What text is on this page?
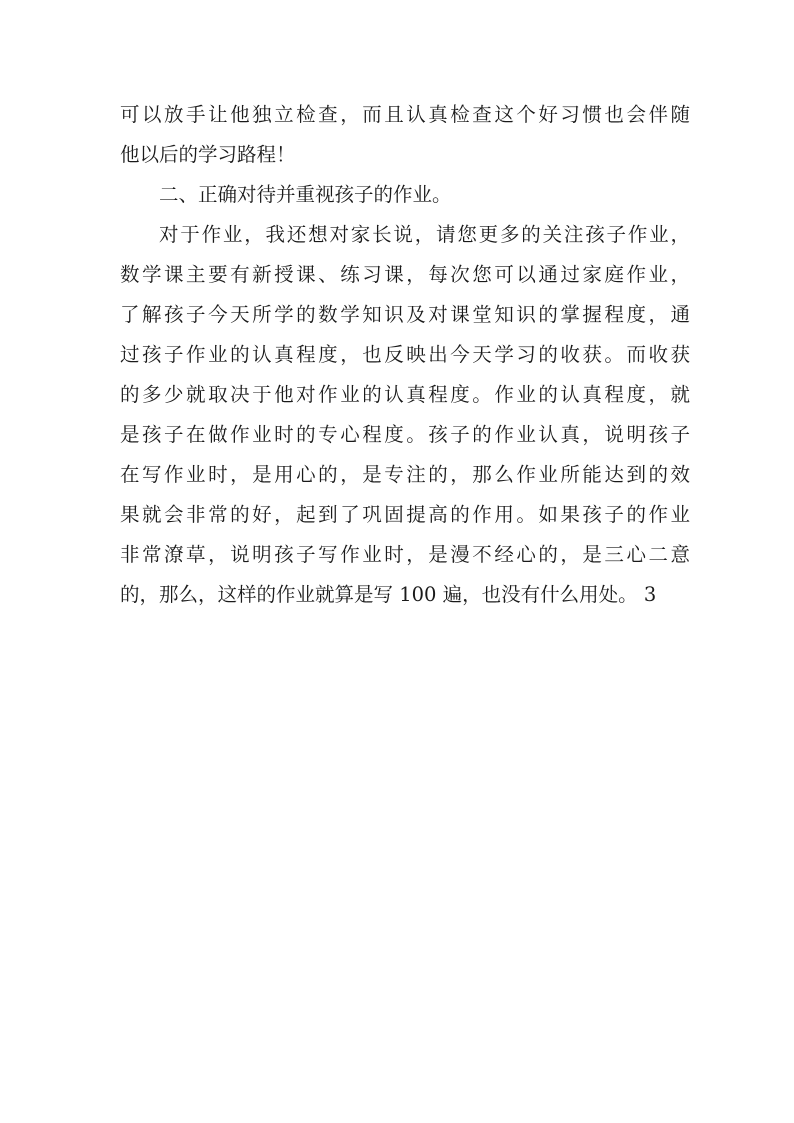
可以放手让他独立检查，而且认真检查这个好习惯也会伴随
他以后的学习路程！
二、正确对待并重视孩子的作业。
对于作业，我还想对家长说，请您更多的关注孩子作业，
数学课主要有新授课、练习课，每次您可以通过家庭作业，
了解孩子今天所学的数学知识及对课堂知识的掌握程度，通
过孩子作业的认真程度，也反映出今天学习的收获。而收获
的多少就取决于他对作业的认真程度。作业的认真程度，就
是孩子在做作业时的专心程度。孩子的作业认真，说明孩子
在写作业时，是用心的，是专注的，那么作业所能达到的效
果就会非常的好，起到了巩固提高的作用。如果孩子的作业
非常潦草，说明孩子写作业时，是漫不经心的，是三心二意
的，那么，这样的作业就算是写 100 遍，也没有什么用处。 3
